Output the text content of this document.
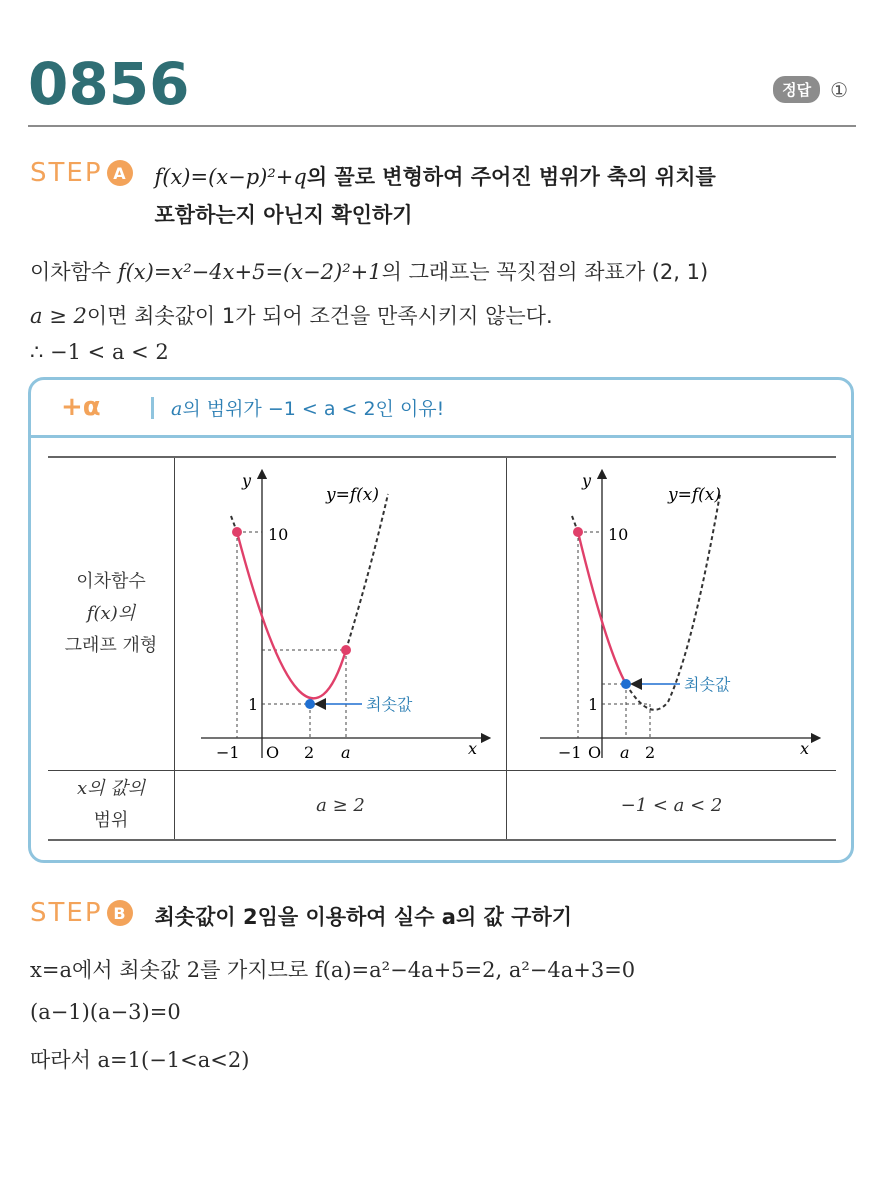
0856	정답 ①
STEP A	f(x)=(x−p)²+q의 꼴로 변형하여 주어진 범위가 축의 위치를
포함하는지 아닌지 확인하기
이차함수 f(x)=x²−4x+5=(x−2)²+1의 그래프는 꼭짓점의 좌표가 (2, 1)
a ≥ 2이면 최솟값이 1가 되어 조건을 만족시키지 않는다.
∴ −1 < a < 2
+α	a의 범위가 −1 < a < 2인 이유!
이차함수
f(x)의
그래프 개형		
x의 값의
범위	a ≥ 2	−1 < a < 2
y
x
최솟값
y=f(x)
10
1
−1 O 2 a
y
x
최솟값
y=f(x)
10
1
−1 O a 2
STEP B	최솟값이 2임을 이용하여 실수 a의 값 구하기
x=a에서 최솟값 2를 가지므로 f(a)=a²−4a+5=2, a²−4a+3=0
(a−1)(a−3)=0
따라서 a=1(−1<a<2)
